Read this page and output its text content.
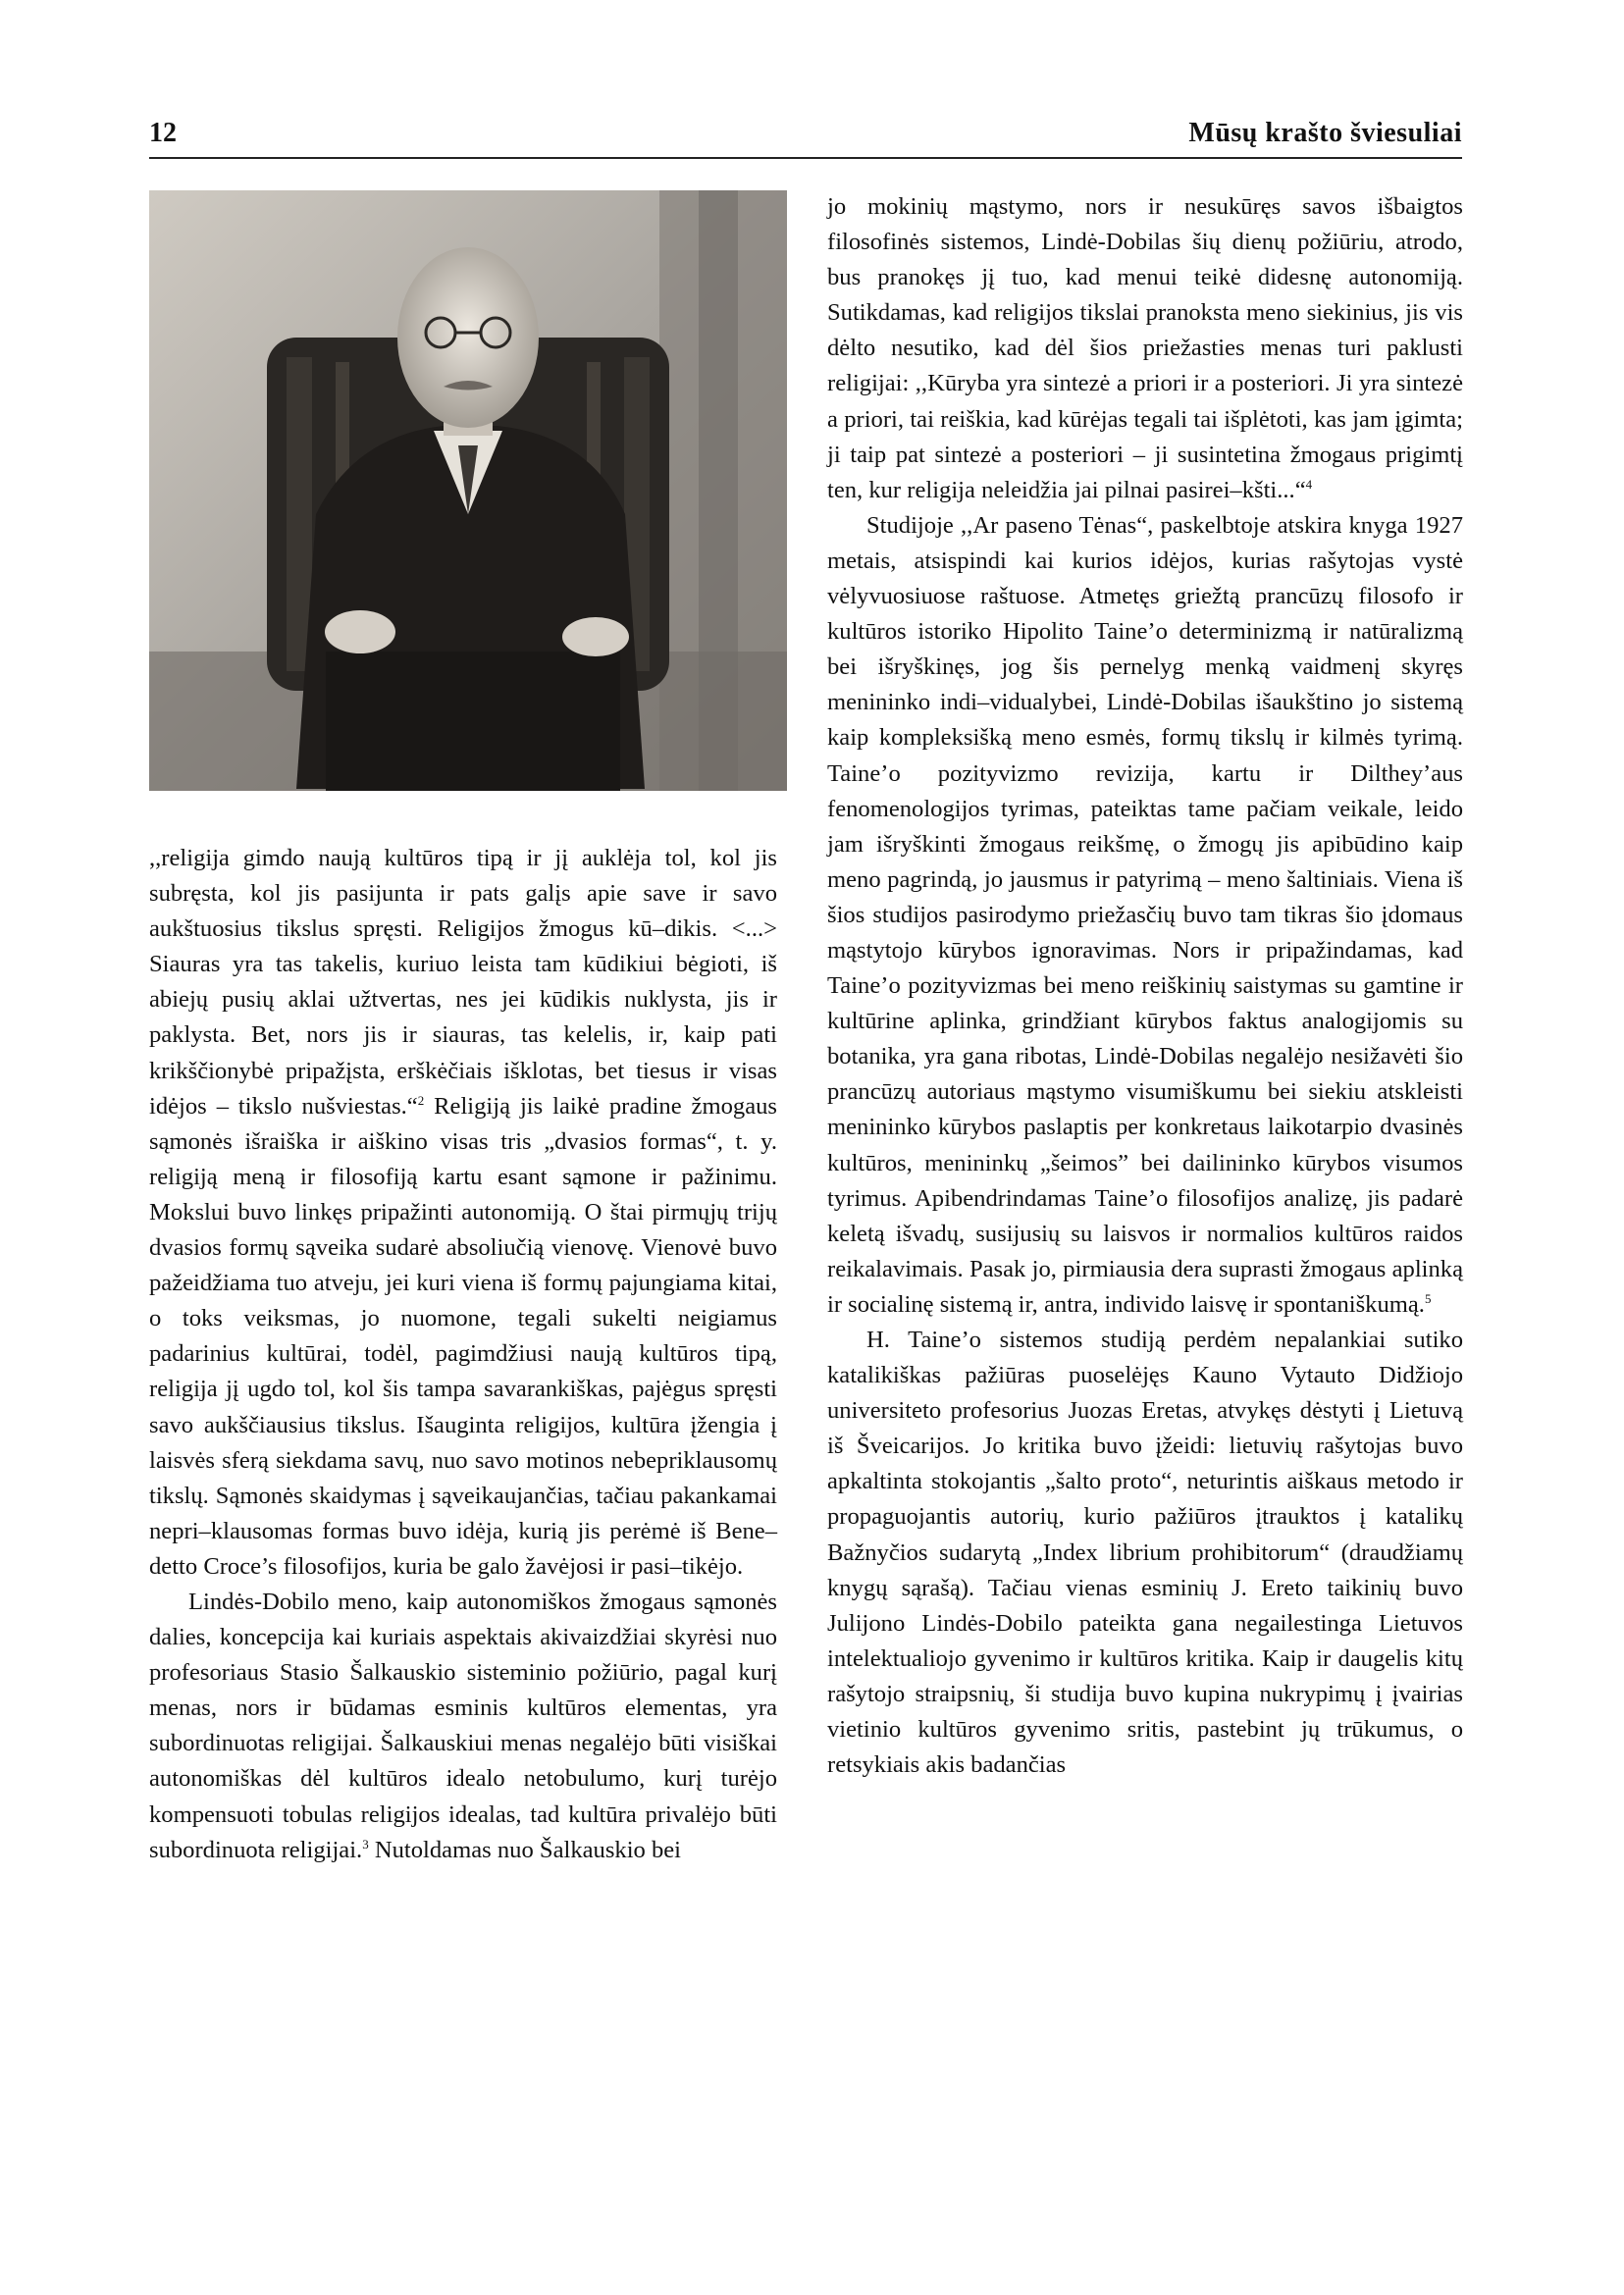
12	Mūsų krašto šviesuliai

,,religija gimdo naują kultūros tipą ir jį auklėja tol, kol jis subręsta, kol jis pasijunta ir pats galįs apie save ir savo aukštuosius tikslus spręsti. Religijos žmogus kū–dikis. <...> Siauras yra tas takelis, kuriuo leista tam kūdikiui bėgioti, iš abiejų pusių aklai užtvertas, nes jei kūdikis nuklysta, jis ir paklysta. Bet, nors jis ir siauras, tas kelelis, ir, kaip pati krikščionybė pripažįsta, erškėčiais išklotas, bet tiesus ir visas idėjos – tikslo nušviestas.“$^2$ Religiją jis laikė pradine žmogaus sąmonės išraiška ir aiškino visas tris „dvasios formas“, t. y. religiją meną ir filosofiją kartu esant sąmone ir pažinimu. Mokslui buvo linkęs pripažinti autonomiją. O štai pirmųjų trijų dvasios formų sąveika sudarė absoliučią vienovę. Vienovė buvo pažeidžiama tuo atveju, jei kuri viena iš formų pajungiama kitai, o toks veiksmas, jo nuomone, tegali sukelti neigiamus padarinius kultūrai, todėl, pagimdžiusi naują kultūros tipą, religija jį ugdo tol, kol šis tampa savarankiškas, pajėgus spręsti savo aukščiausius tikslus. Išauginta religijos, kultūra įžengia į laisvės sferą siekdama savų, nuo savo motinos nebepriklausomų tikslų. Sąmonės skaidymas į sąveikaujančias, tačiau pakankamai nepri–klausomas formas buvo idėja, kurią jis perėmė iš Bene–detto Croce’s filosofijos, kuria be galo žavėjosi ir pasi–tikėjo.

Lindės-Dobilo meno, kaip autonomiškos žmogaus sąmonės dalies, koncepcija kai kuriais aspektais akivaizdžiai skyrėsi nuo profesoriaus Stasio Šalkauskio sisteminio požiūrio, pagal kurį menas, nors ir būdamas esminis kultūros elementas, yra subordinuotas religijai. Šalkauskiui menas negalėjo būti visiškai autonomiškas dėl kultūros idealo netobulumo, kurį turėjo kompensuoti tobulas religijos idealas, tad kultūra privalėjo būti subordinuota religijai.$^3$ Nutoldamas nuo Šalkauskio bei

jo mokinių mąstymo, nors ir nesukūręs savos išbaigtos filosofinės sistemos, Lindė-Dobilas šių dienų požiūriu, atrodo, bus pranokęs jį tuo, kad menui teikė didesnę autonomiją. Sutikdamas, kad religijos tikslai pranoksta meno siekinius, jis vis dėlto nesutiko, kad dėl šios priežasties menas turi paklusti religijai: ,,Kūryba yra sintezė a priori ir a posteriori. Ji yra sintezė a priori, tai reiškia, kad kūrėjas tegali tai išplėtoti, kas jam įgimta; ji taip pat sintezė a posteriori – ji susintetina žmogaus prigimtį ten, kur religija neleidžia jai pilnai pasirei–kšti...“$^4$

Studijoje ,,Ar paseno Tėnas“, paskelbtoje atskira knyga 1927 metais, atsispindi kai kurios idėjos, kurias rašytojas vystė vėlyvuosiuose raštuose. Atmetęs griežtą prancūzų filosofo ir kultūros istoriko Hipolito Taine’o determinizmą ir natūralizmą bei išryškinęs, jog šis pernelyg menką vaidmenį skyręs menininko indi–vidualybei, Lindė-Dobilas išaukštino jo sistemą kaip kompleksišką meno esmės, formų tikslų ir kilmės tyrimą. Taine’o pozityvizmo revizija, kartu ir Dilthey’aus fenomenologijos tyrimas, pateiktas tame pačiam veikale, leido jam išryškinti žmogaus reikšmę, o žmogų jis apibūdino kaip meno pagrindą, jo jausmus ir patyrimą – meno šaltiniais. Viena iš šios studijos pasirodymo priežasčių buvo tam tikras šio įdomaus mąstytojo kūrybos ignoravimas. Nors ir pripažindamas, kad Taine’o pozityvizmas bei meno reiškinių saistymas su gamtine ir kultūrine aplinka, grindžiant kūrybos faktus analogijomis su botanika, yra gana ribotas, Lindė-Dobilas negalėjo nesižavėti šio prancūzų autoriaus mąstymo visumiškumu bei siekiu atskleisti menininko kūrybos paslaptis per konkretaus laikotarpio dvasinės kultūros, menininkų „šeimos” bei dailininko kūrybos visumos tyrimus. Apibendrindamas Taine’o filosofijos analizę, jis padarė keletą išvadų, susijusių su laisvos ir normalios kultūros raidos reikalavimais. Pasak jo, pirmiausia dera suprasti žmogaus aplinką ir socialinę sistemą ir, antra, individo laisvę ir spontaniškumą.$^5$

H. Taine’o sistemos studiją perdėm nepalankiai sutiko katalikiškas pažiūras puoselėjęs Kauno Vytauto Didžiojo universiteto profesorius Juozas Eretas, atvykęs dėstyti į Lietuvą iš Šveicarijos. Jo kritika buvo įžeidi: lietuvių rašytojas buvo apkaltinta stokojantis „šalto proto“, neturintis aiškaus metodo ir propaguojantis autorių, kurio pažiūros įtrauktos į katalikų Bažnyčios sudarytą „Index librium prohibitorum“ (draudžiamų knygų sąrašą). Tačiau vienas esminių J. Ereto taikinių buvo Julijono Lindės-Dobilo pateikta gana negailestinga Lietuvos intelektualiojo gyvenimo ir kultūros kritika. Kaip ir daugelis kitų rašytojo straipsnių, ši studija buvo kupina nukrypimų į įvairias vietinio kultūros gyvenimo sritis, pastebint jų trūkumus, o retsykiais akis badančias
